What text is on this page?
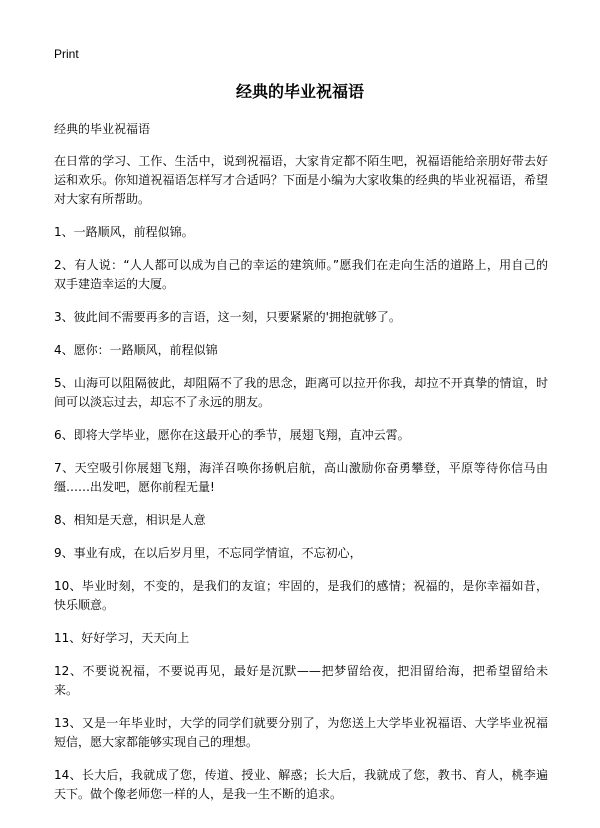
Print
经典的毕业祝福语
经典的毕业祝福语

在日常的学习、工作、生活中，说到祝福语，大家肯定都不陌生吧，祝福语能给亲朋好带去好运和欢乐。你知道祝福语怎样写才合适吗？下面是小编为大家收集的经典的毕业祝福语，希望对大家有所帮助。

1、一路顺风，前程似锦。

2、有人说：“人人都可以成为自己的幸运的建筑师。”愿我们在走向生活的道路上，用自己的双手建造幸运的大厦。

3、彼此间不需要再多的言语，这一刻，只要紧紧的'拥抱就够了。

4、愿你：一路顺风，前程似锦

5、山海可以阻隔彼此，却阻隔不了我的思念，距离可以拉开你我，却拉不开真挚的情谊，时间可以淡忘过去，却忘不了永远的朋友。

6、即将大学毕业，愿你在这最开心的季节，展翅飞翔，直冲云霄。

7、天空吸引你展翅飞翔，海洋召唤你扬帆启航，高山激励你奋勇攀登，平原等待你信马由缰……出发吧，愿你前程无量!

8、相知是天意，相识是人意

9、事业有成，在以后岁月里，不忘同学情谊，不忘初心，

10、毕业时刻，不变的，是我们的友谊；牢固的，是我们的感情；祝福的，是你幸福如昔，快乐顺意。

11、好好学习，天天向上

12、不要说祝福，不要说再见，最好是沉默——把梦留给夜，把泪留给海，把希望留给未来。

13、又是一年毕业时，大学的同学们就要分别了，为您送上大学毕业祝福语、大学毕业祝福短信，愿大家都能够实现自己的理想。

14、长大后，我就成了您，传道、授业、解惑；长大后，我就成了您，教书、育人，桃李遍天下。做个像老师您一样的人，是我一生不断的追求。
